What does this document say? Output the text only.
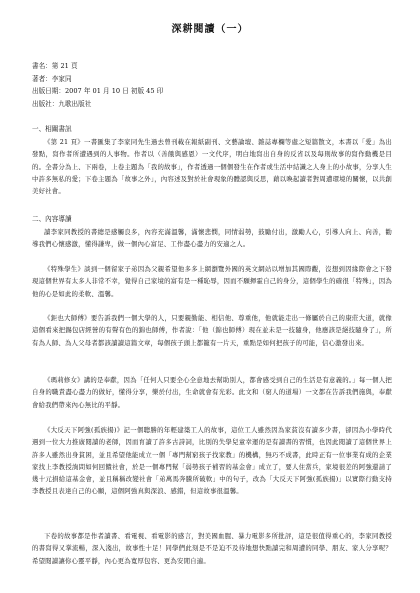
深耕閱讀（一）
書名：第 21 頁
著者：李家同
出版日期：2007 年 01 月 10 日 初版 45 印
出版社：九歌出版社
一、相關書訊
《第 21 頁》一書匯集了李家同先生過去曾刊載在報紙副刊、文藝論壇、雜誌專欄等處之短篇散文，本書以「愛」為出發點，寫作者所遭遇到的人事物。作者以（善餓與感恩）一文代序，明白地寫出自身的反省以及每則故事的寫作動機是目的。全書分為上、下兩卷，上卷主題為「我的故事」，作者透過一個個發生在作者或生活中結識之人身上的小故事，分享人生中許多無私的愛；下卷主題為「故事之外」，內容述及對於社會現象的體認與反思，藉以喚起讀者對周遭環境的關懷，以共創美好社會。
二、內容導讀
讀李家同教授的書總是感觸良多，內容充滿溫馨，滿懷悲憫，同情弱勢，鼓勵付出，激勵人心，引導人向上、向善，勸導我們心懷感激，懂得謙卑，做一個內心富足、工作盡心盡力的安適之人。
《特殊學生》談到一個留家子弟因為父親希望他多多上網瀏覽外國的英文網站以增加其國際觀，沒想到因緣際會之下發現這個世界有太多人非常不幸，覺得自己家境的富有是一種恥辱，因而不願揮霍自己的身分，這個學生的確很「特殊」，因為他的心是如此的柔軟、溫馨。
《鉅也大師傅》要告訴我們一個大學的人，只要親勤能、相信他、尊重他，他就能走出一條屬於自己的康莊大道，就像這個看來把錫包店經營的有聲有色的錦也師傅，作者說：「他（錦也師傅）現在並未是一技隨身，他應該是絕技隨身了」，所有為人師、為人父母者都該讀讀這篇文章，每個孩子頭上都籠有一片天，重點是如何把孩子的可能，信心激發出來。
《瑪莉修女》講的是奉獻，因為「任何人只要全心全意地去幫助別人，都會感受到自己的生活是有意義的。」每一個人把自身的職責盡心盡力的做好，懂得分享，樂於付出，生命就會有光彩。此文和（窮人的道場）一文都在告訴我們施與，奉獻會給我們帶來內心無比的平靜。
《大反天下阿強(孤族揚)》記一個聰勝的年輕建築工人的故事，這位工人雖然因為家貧沒有讀多少書，卻因為小學時代遇到一位大力推廣閱讀的老師，因而育讀了許多古詩詞，比別的失學兒童幸運的是有讀書的習慣，也因此閱讀了這個世界上許多人雖然出身貧困，並且希望他能成立一個「專門幫窮孩子找家教」的機構，無巧不成書，此時正有一位事業有成的企業家找上李教授詢問如何回饋社會，於是一個專門幫「弱勢孩子補習的基金會」成立了，要人住當兵，家境很差的阿強還請了幾十元捐給這基金會，並且稱稱改變社會「弟萬馬奔騰所破軟」中的句子，改為「大反天下阿強(孤族揚)」以實際行動支持李教授且表達自己的心願，這個阿強真與深浪、感錯，但這故事很溫馨。
下卷的故事都是作者讀書、看電視、看電影的感言，對美國血腥、暴力電影多所批評，這是很值得重心的，李家同教授的書寫得又掌流暢，深入淺出，故事性十足！同學們此刻是不是迫不及待地想快點讀完和周遭的同學、朋友、家人分享呢？希望閱讀讓你心靈平靜，內心更為寬厚包容、更為安閒自適。
